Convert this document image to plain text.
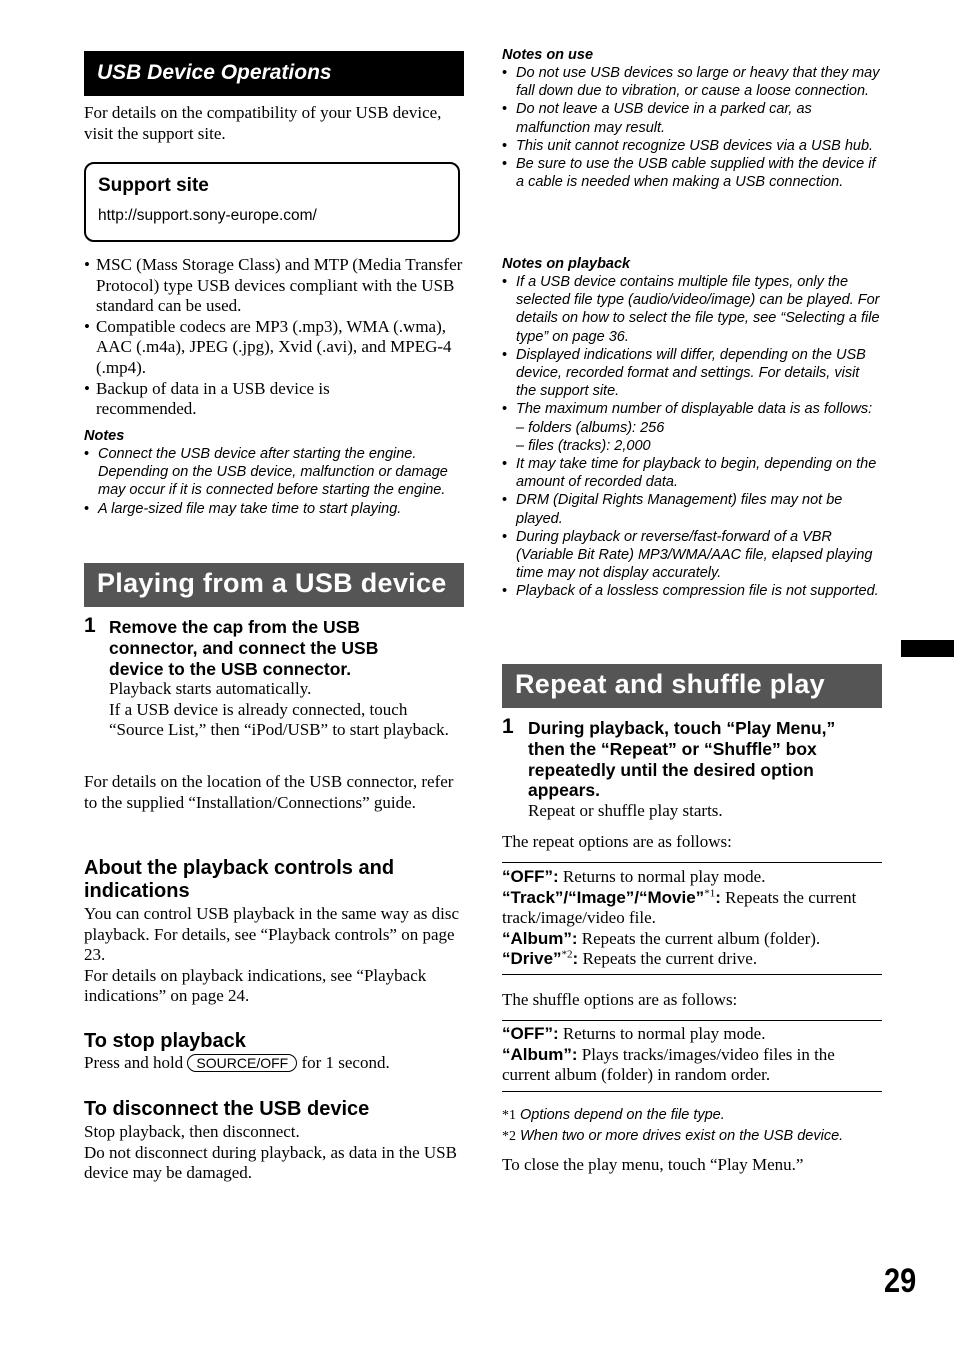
USB Device Operations
For details on the compatibility of your USB device, visit the support site.
Support site
http://support.sony-europe.com/
• MSC (Mass Storage Class) and MTP (Media Transfer Protocol) type USB devices compliant with the USB standard can be used.
• Compatible codecs are MP3 (.mp3), WMA (.wma), AAC (.m4a), JPEG (.jpg), Xvid (.avi), and MPEG-4 (.mp4).
• Backup of data in a USB device is recommended.
Notes
• Connect the USB device after starting the engine. Depending on the USB device, malfunction or damage may occur if it is connected before starting the engine.
• A large-sized file may take time to start playing.
Playing from a USB device
1 Remove the cap from the USB connector, and connect the USB device to the USB connector.
Playback starts automatically.
If a USB device is already connected, touch “Source List,” then “iPod/USB” to start playback.
For details on the location of the USB connector, refer to the supplied “Installation/Connections” guide.
About the playback controls and indications
You can control USB playback in the same way as disc playback. For details, see “Playback controls” on page 23.
For details on playback indications, see “Playback indications” on page 24.
To stop playback
Press and hold SOURCE/OFF for 1 second.
To disconnect the USB device
Stop playback, then disconnect.
Do not disconnect during playback, as data in the USB device may be damaged.
Notes on use
• Do not use USB devices so large or heavy that they may fall down due to vibration, or cause a loose connection.
• Do not leave a USB device in a parked car, as malfunction may result.
• This unit cannot recognize USB devices via a USB hub.
• Be sure to use the USB cable supplied with the device if a cable is needed when making a USB connection.
Notes on playback
• If a USB device contains multiple file types, only the selected file type (audio/video/image) can be played. For details on how to select the file type, see “Selecting a file type” on page 36.
• Displayed indications will differ, depending on the USB device, recorded format and settings. For details, visit the support site.
• The maximum number of displayable data is as follows:
– folders (albums): 256
– files (tracks): 2,000
• It may take time for playback to begin, depending on the amount of recorded data.
• DRM (Digital Rights Management) files may not be played.
• During playback or reverse/fast-forward of a VBR (Variable Bit Rate) MP3/WMA/AAC file, elapsed playing time may not display accurately.
• Playback of a lossless compression file is not supported.
Repeat and shuffle play
1 During playback, touch “Play Menu,” then the “Repeat” or “Shuffle” box repeatedly until the desired option appears.
Repeat or shuffle play starts.
The repeat options are as follows:
“OFF”: Returns to normal play mode.
“Track”/“Image”/“Movie”$^{*1}$: Repeats the current track/image/video file.
“Album”: Repeats the current album (folder).
“Drive”$^{*2}$: Repeats the current drive.
The shuffle options are as follows:
“OFF”: Returns to normal play mode.
“Album”: Plays tracks/images/video files in the current album (folder) in random order.
*1 Options depend on the file type.
*2 When two or more drives exist on the USB device.
To close the play menu, touch “Play Menu.”
29
